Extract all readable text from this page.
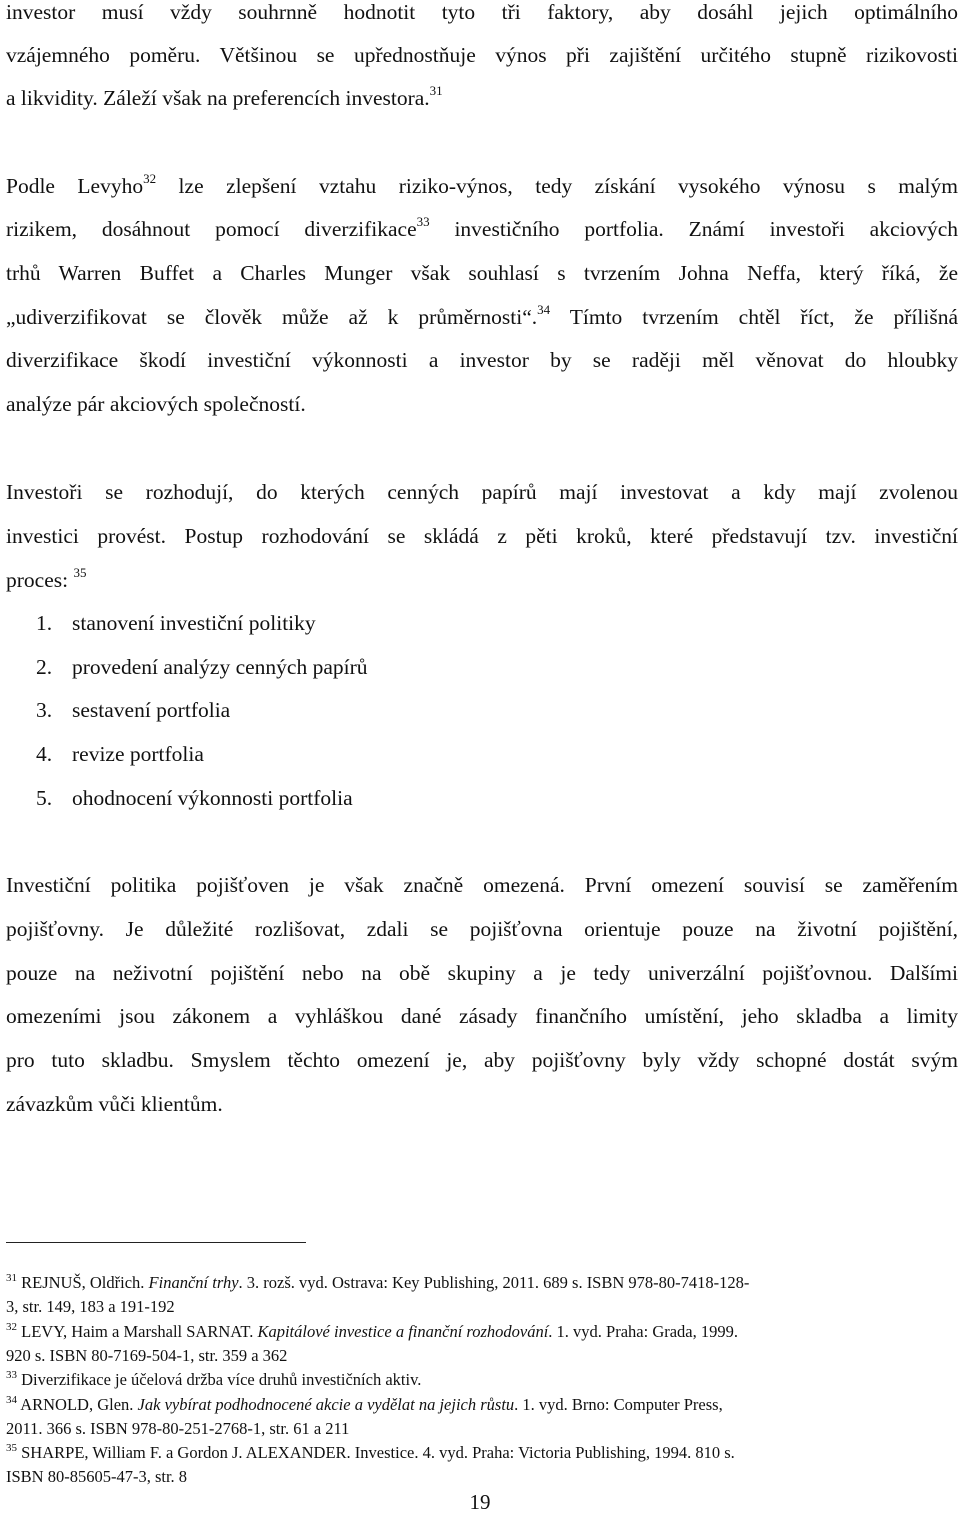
investor musí vždy souhrnně hodnotit tyto tři faktory, aby dosáhl jejich optimálního
vzájemného poměru. Většinou se upřednostňuje výnos při zajištění určitého stupně rizikovosti
a likvidity. Záleží však na preferencích investora.$^{31}$
Podle Levyho$^{32}$ lze zlepšení vztahu riziko-výnos, tedy získání vysokého výnosu s malým
rizikem, dosáhnout pomocí diverzifikace$^{33}$ investičního portfolia. Známí investoři akciových
trhů Warren Buffet a Charles Munger však souhlasí s tvrzením Johna Neffa, který říká, že
„udiverzifikovat se člověk může až k průměrnosti“.$^{34}$ Tímto tvrzením chtěl říct, že přílišná
diverzifikace škodí investiční výkonnosti a investor by se raději měl věnovat do hloubky
analýze pár akciových společností.
Investoři se rozhodují, do kterých cenných papírů mají investovat a kdy mají zvolenou
investici provést. Postup rozhodování se skládá z pěti kroků, které představují tzv. investiční
proces: $^{35}$
1. stanovení investiční politiky
2. provedení analýzy cenných papírů
3. sestavení portfolia
4. revize portfolia
5. ohodnocení výkonnosti portfolia
Investiční politika pojišťoven je však značně omezená. První omezení souvisí se zaměřením
pojišťovny. Je důležité rozlišovat, zdali se pojišťovna orientuje pouze na životní pojištění,
pouze na neživotní pojištění nebo na obě skupiny a je tedy univerzální pojišťovnou. Dalšími
omezeními jsou zákonem a vyhláškou dané zásady finančního umístění, jeho skladba a limity
pro tuto skladbu. Smyslem těchto omezení je, aby pojišťovny byly vždy schopné dostát svým
závazkům vůči klientům.
$^{31}$ REJNUŠ, Oldřich. Finanční trhy. 3. rozš. vyd. Ostrava: Key Publishing, 2011. 689 s. ISBN 978-80-7418-128-
3, str. 149, 183 a 191-192
$^{32}$ LEVY, Haim a Marshall SARNAT. Kapitálové investice a finanční rozhodování. 1. vyd. Praha: Grada, 1999.
920 s. ISBN 80-7169-504-1, str. 359 a 362
$^{33}$ Diverzifikace je účelová držba více druhů investičních aktiv.
$^{34}$ ARNOLD, Glen. Jak vybírat podhodnocené akcie a vydělat na jejich růstu. 1. vyd. Brno: Computer Press,
2011. 366 s. ISBN 978-80-251-2768-1, str. 61 a 211
$^{35}$ SHARPE, William F. a Gordon J. ALEXANDER. Investice. 4. vyd. Praha: Victoria Publishing, 1994. 810 s.
ISBN 80-85605-47-3, str. 8
19
